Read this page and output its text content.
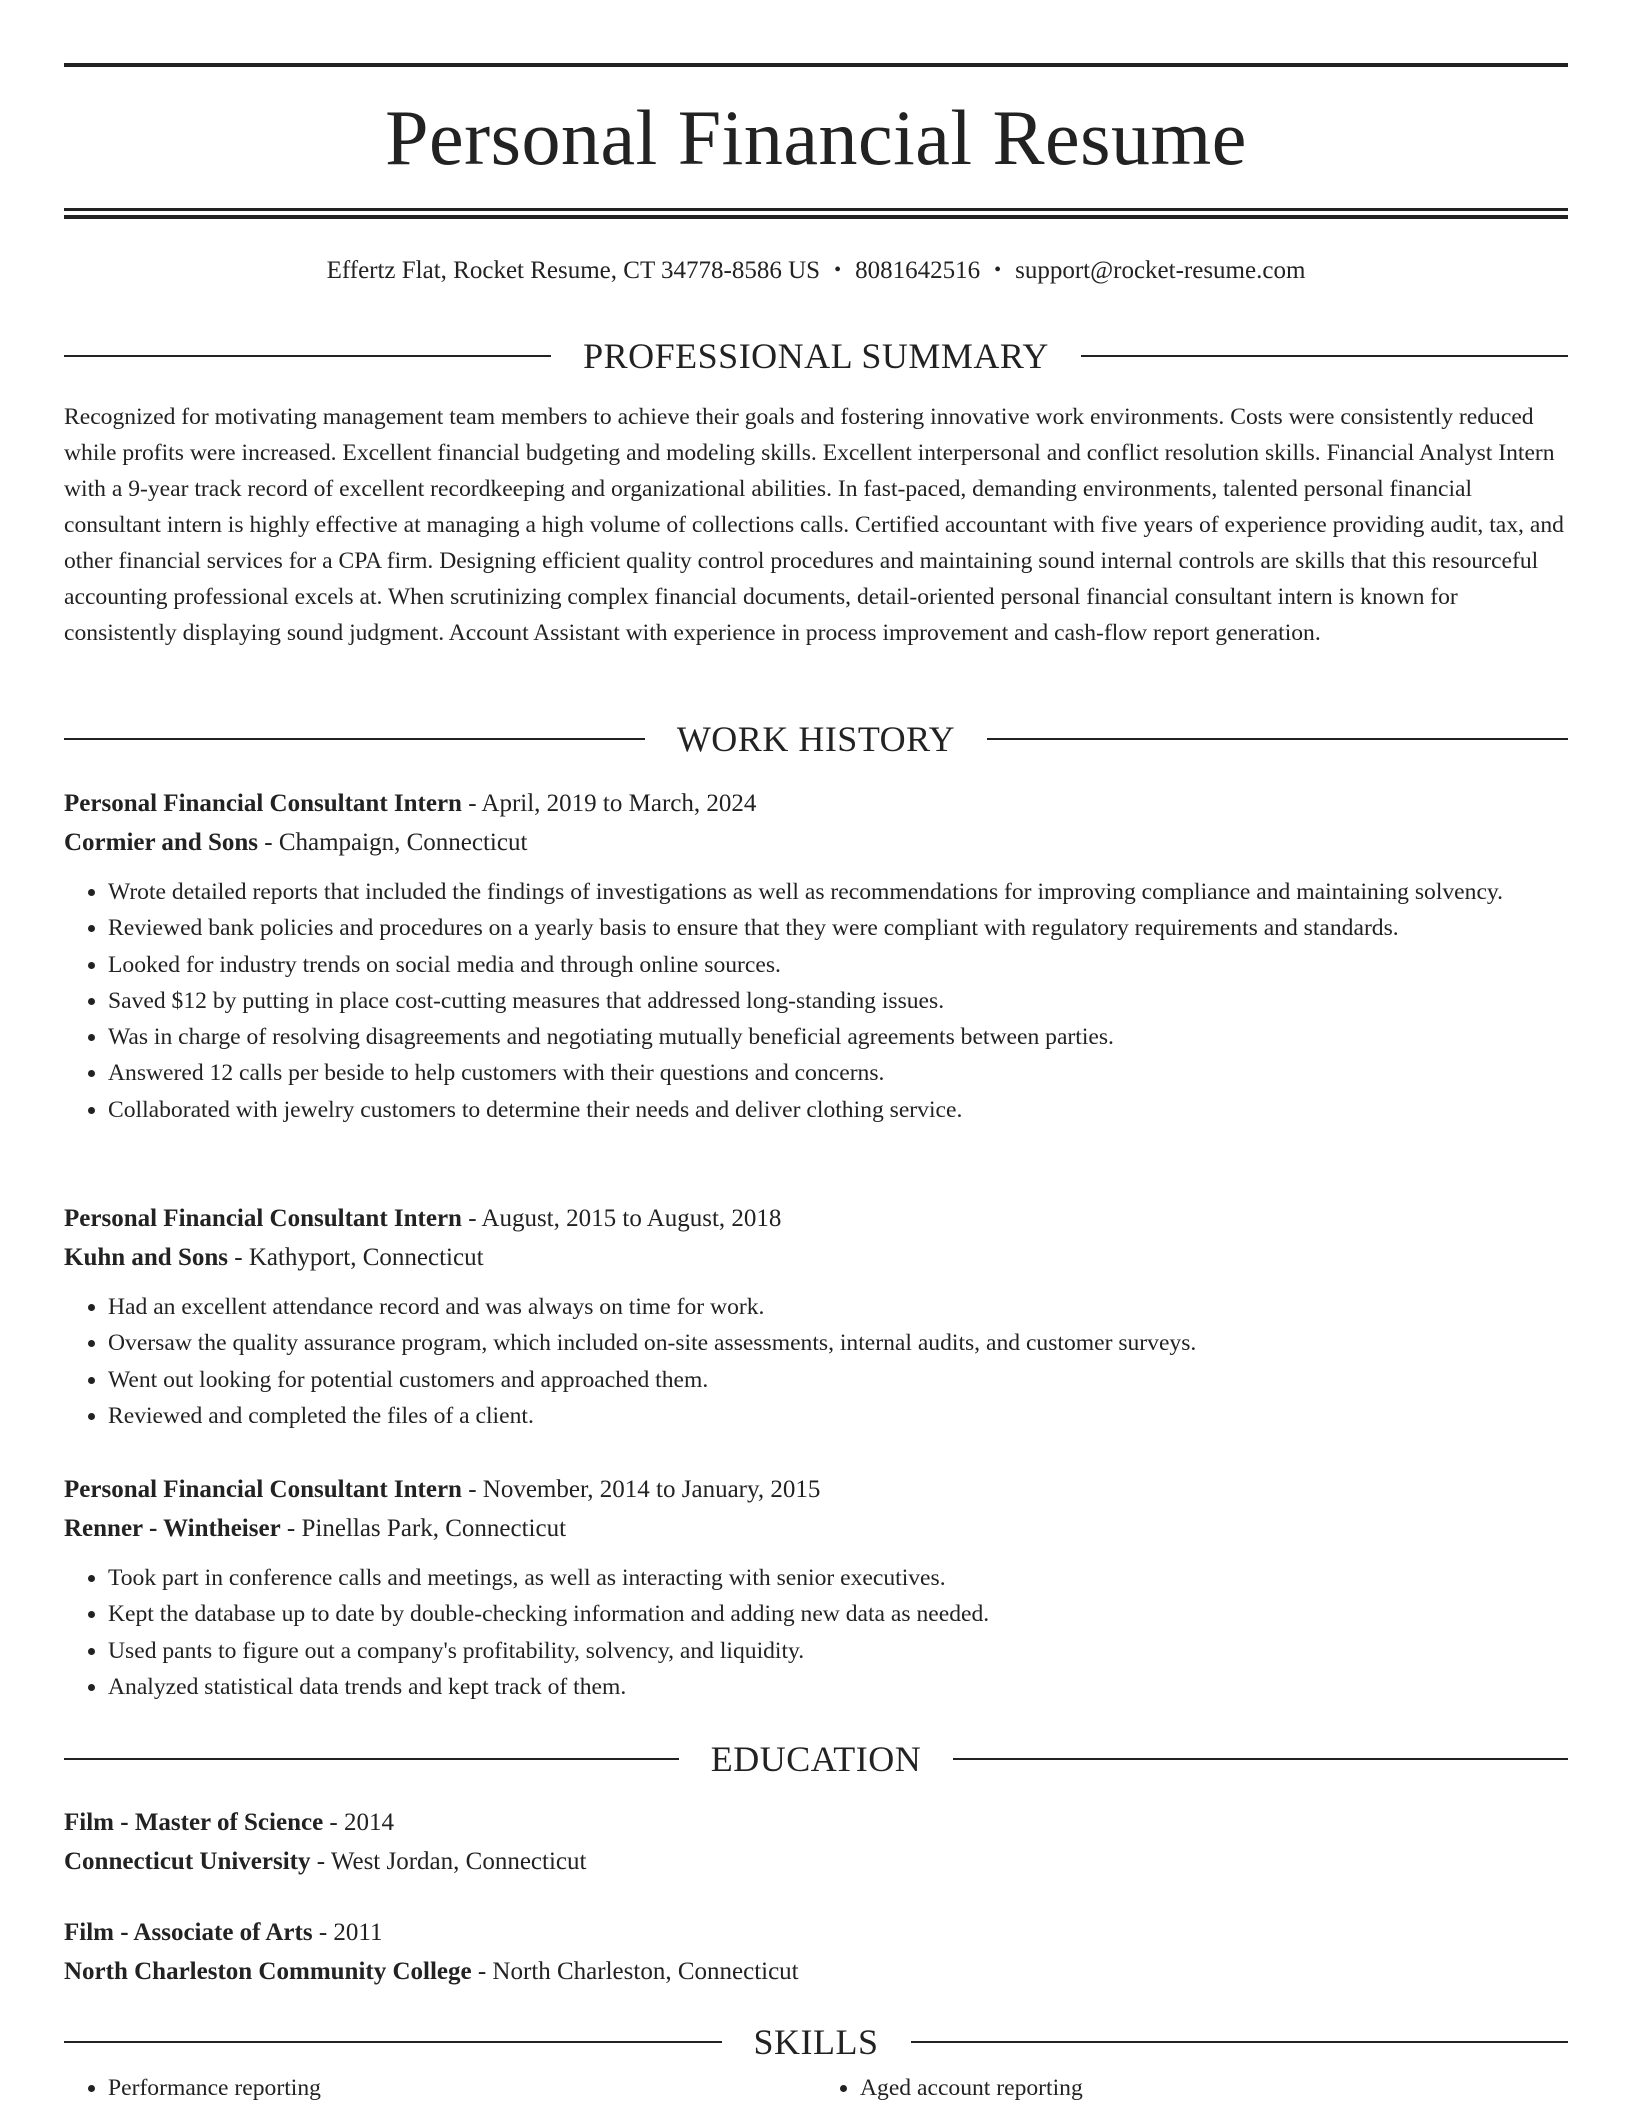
Personal Financial Resume
Effertz Flat, Rocket Resume, CT 34778-8586 US • 8081642516 • support@rocket-resume.com
PROFESSIONAL SUMMARY

Recognized for motivating management team members to achieve their goals and fostering innovative work environments. Costs were consistently reduced while profits were increased. Excellent financial budgeting and modeling skills. Excellent interpersonal and conflict resolution skills. Financial Analyst Intern with a 9-year track record of excellent recordkeeping and organizational abilities. In fast-paced, demanding environments, talented personal financial consultant intern is highly effective at managing a high volume of collections calls. Certified accountant with five years of experience providing audit, tax, and other financial services for a CPA firm. Designing efficient quality control procedures and maintaining sound internal controls are skills that this resourceful accounting professional excels at. When scrutinizing complex financial documents, detail-oriented personal financial consultant intern is known for consistently displaying sound judgment. Account Assistant with experience in process improvement and cash-flow report generation.

WORK HISTORY

Personal Financial Consultant Intern - April, 2019 to March, 2024

Cormier and Sons - Champaign, Connecticut

• Wrote detailed reports that included the findings of investigations as well as recommendations for improving compliance and maintaining solvency.
• Reviewed bank policies and procedures on a yearly basis to ensure that they were compliant with regulatory requirements and standards.
• Looked for industry trends on social media and through online sources.
• Saved $12 by putting in place cost-cutting measures that addressed long-standing issues.
• Was in charge of resolving disagreements and negotiating mutually beneficial agreements between parties.
• Answered 12 calls per beside to help customers with their questions and concerns.
• Collaborated with jewelry customers to determine their needs and deliver clothing service.

Personal Financial Consultant Intern - August, 2015 to August, 2018

Kuhn and Sons - Kathyport, Connecticut

• Had an excellent attendance record and was always on time for work.
• Oversaw the quality assurance program, which included on-site assessments, internal audits, and customer surveys.
• Went out looking for potential customers and approached them.
• Reviewed and completed the files of a client.

Personal Financial Consultant Intern - November, 2014 to January, 2015

Renner - Wintheiser - Pinellas Park, Connecticut

• Took part in conference calls and meetings, as well as interacting with senior executives.
• Kept the database up to date by double-checking information and adding new data as needed.
• Used pants to figure out a company's profitability, solvency, and liquidity.
• Analyzed statistical data trends and kept track of them.
EDUCATION

Film - Master of Science - 2014

Connecticut University - West Jordan, Connecticut

Film - Associate of Arts - 2011

North Charleston Community College - North Charleston, Connecticut

SKILLS
• Performance reporting
•	Aged account reporting
